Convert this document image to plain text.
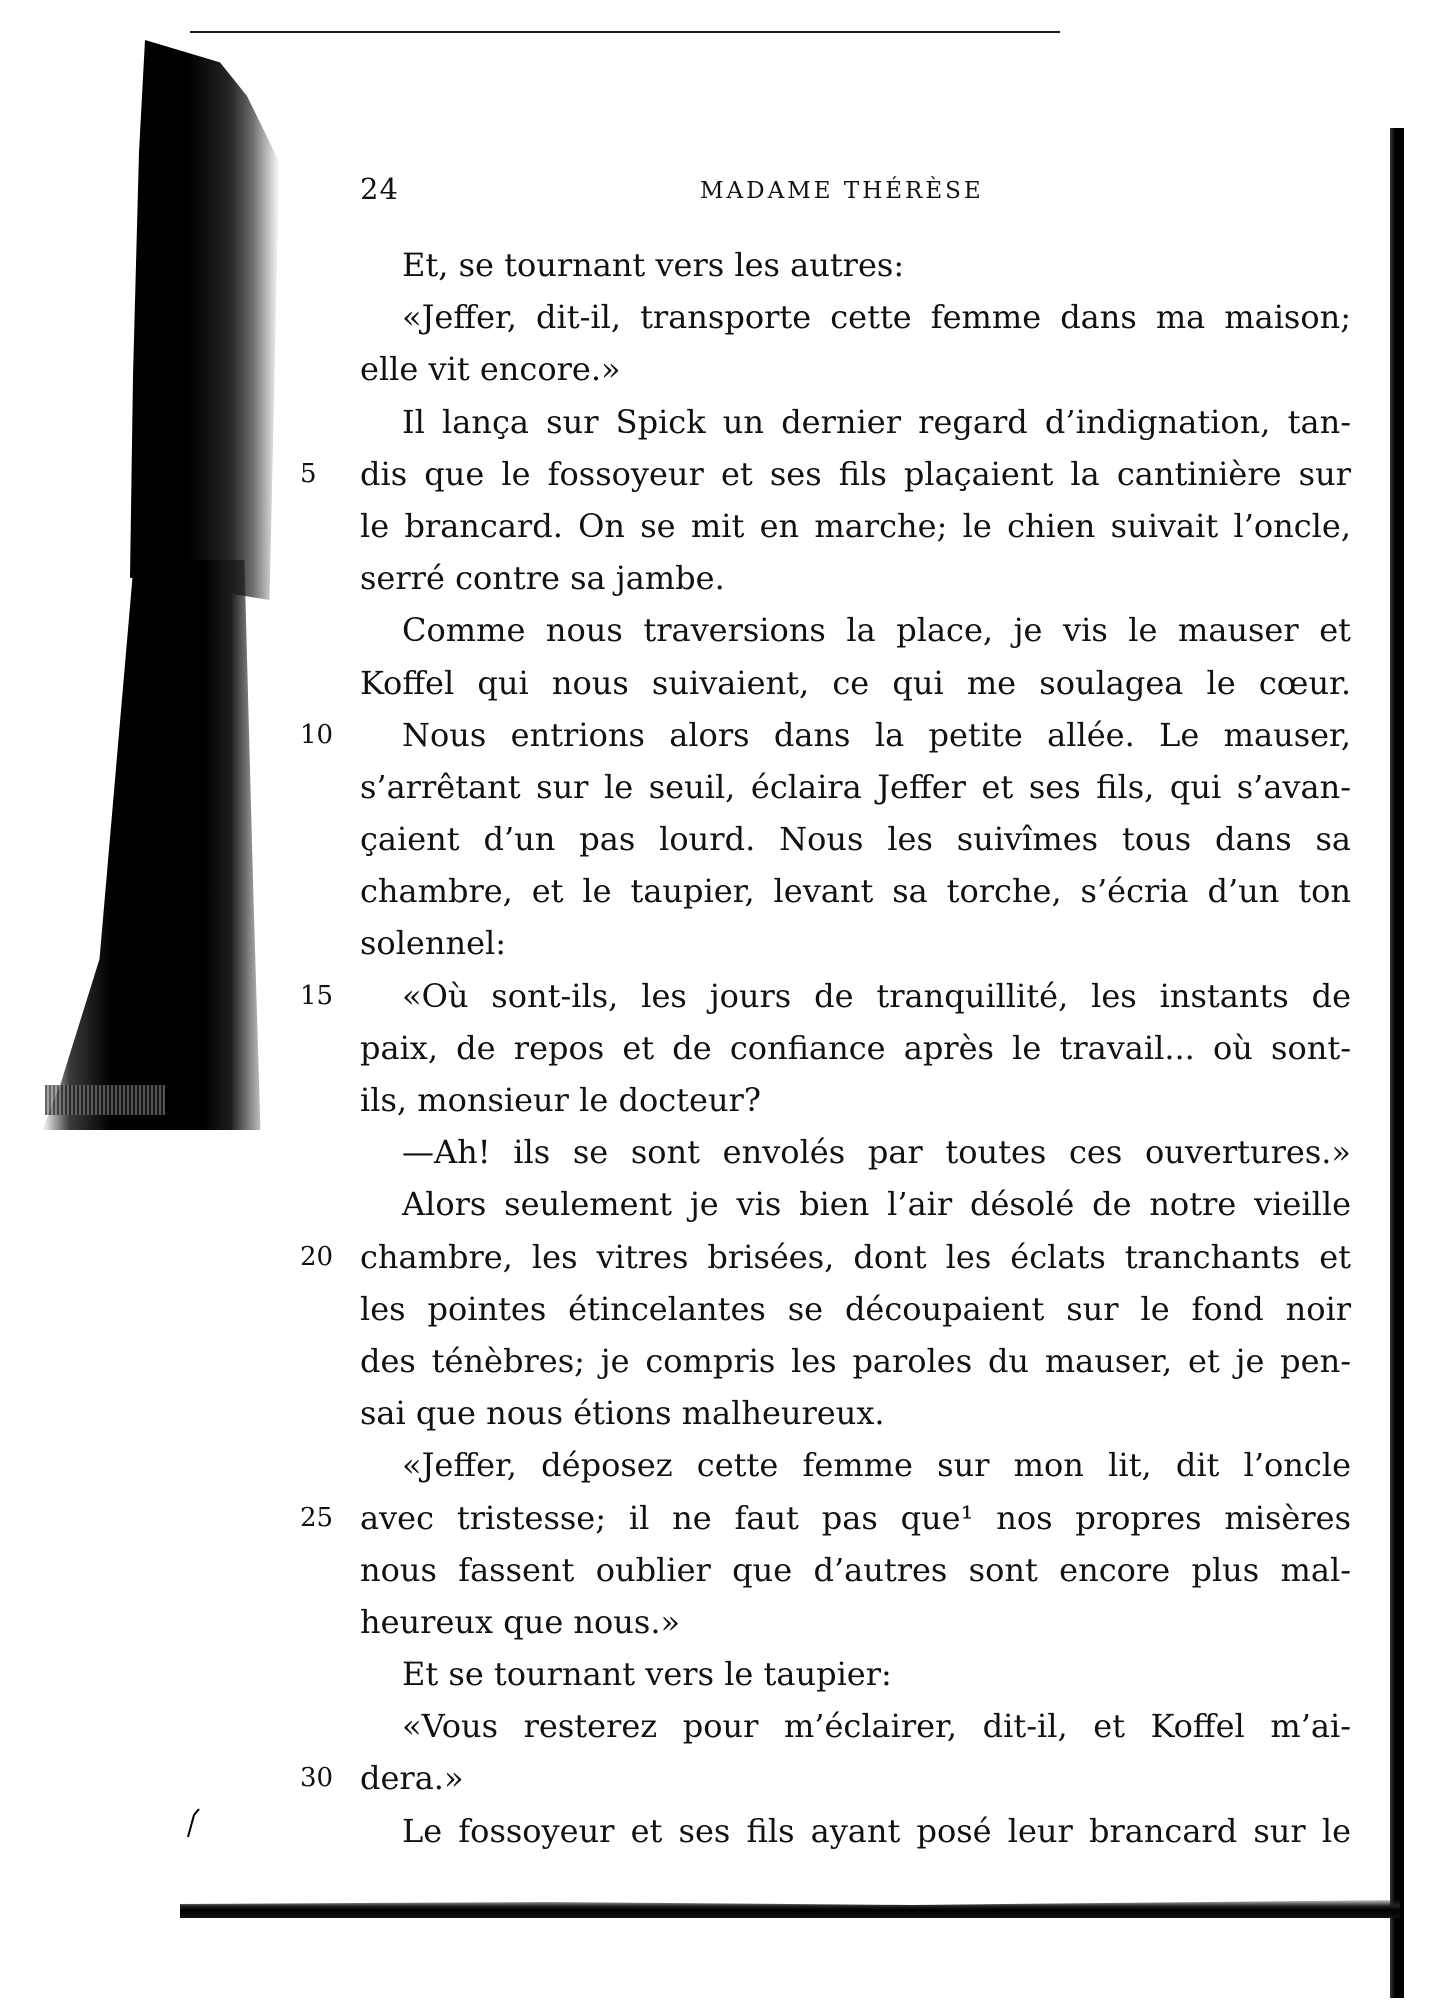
24	MADAME THÉRÈSE
Et, se tournant vers les autres:
«Jeffer, dit-il, transporte cette femme dans ma maison;
elle vit encore.»
Il lança sur Spick un dernier regard d’indignation, tan-
5	dis que le fossoyeur et ses fils plaçaient la cantinière sur
le brancard. On se mit en marche; le chien suivait l’oncle,
serré contre sa jambe.
Comme nous traversions la place, je vis le mauser et
Koffel qui nous suivaient, ce qui me soulagea le cœur.
10	Nous entrions alors dans la petite allée. Le mauser,
s’arrêtant sur le seuil, éclaira Jeffer et ses fils, qui s’avan-
çaient d’un pas lourd. Nous les suivîmes tous dans sa
chambre, et le taupier, levant sa torche, s’écria d’un ton
solennel:
15	«Où sont-ils, les jours de tranquillité, les instants de
paix, de repos et de confiance après le travail... où sont-
ils, monsieur le docteur?
—Ah! ils se sont envolés par toutes ces ouvertures.»
Alors seulement je vis bien l’air désolé de notre vieille
20 chambre, les vitres brisées, dont les éclats tranchants et
les pointes étincelantes se découpaient sur le fond noir
des ténèbres; je compris les paroles du mauser, et je pen-
sai que nous étions malheureux.
«Jeffer, déposez cette femme sur mon lit, dit l’oncle
25 avec tristesse; il ne faut pas que¹ nos propres misères
nous fassent oublier que d’autres sont encore plus mal-
heureux que nous.»
Et se tournant vers le taupier:
«Vous resterez pour m’éclairer, dit-il, et Koffel m’ai-
30 dera.»
Le fossoyeur et ses fils ayant posé leur brancard sur le
